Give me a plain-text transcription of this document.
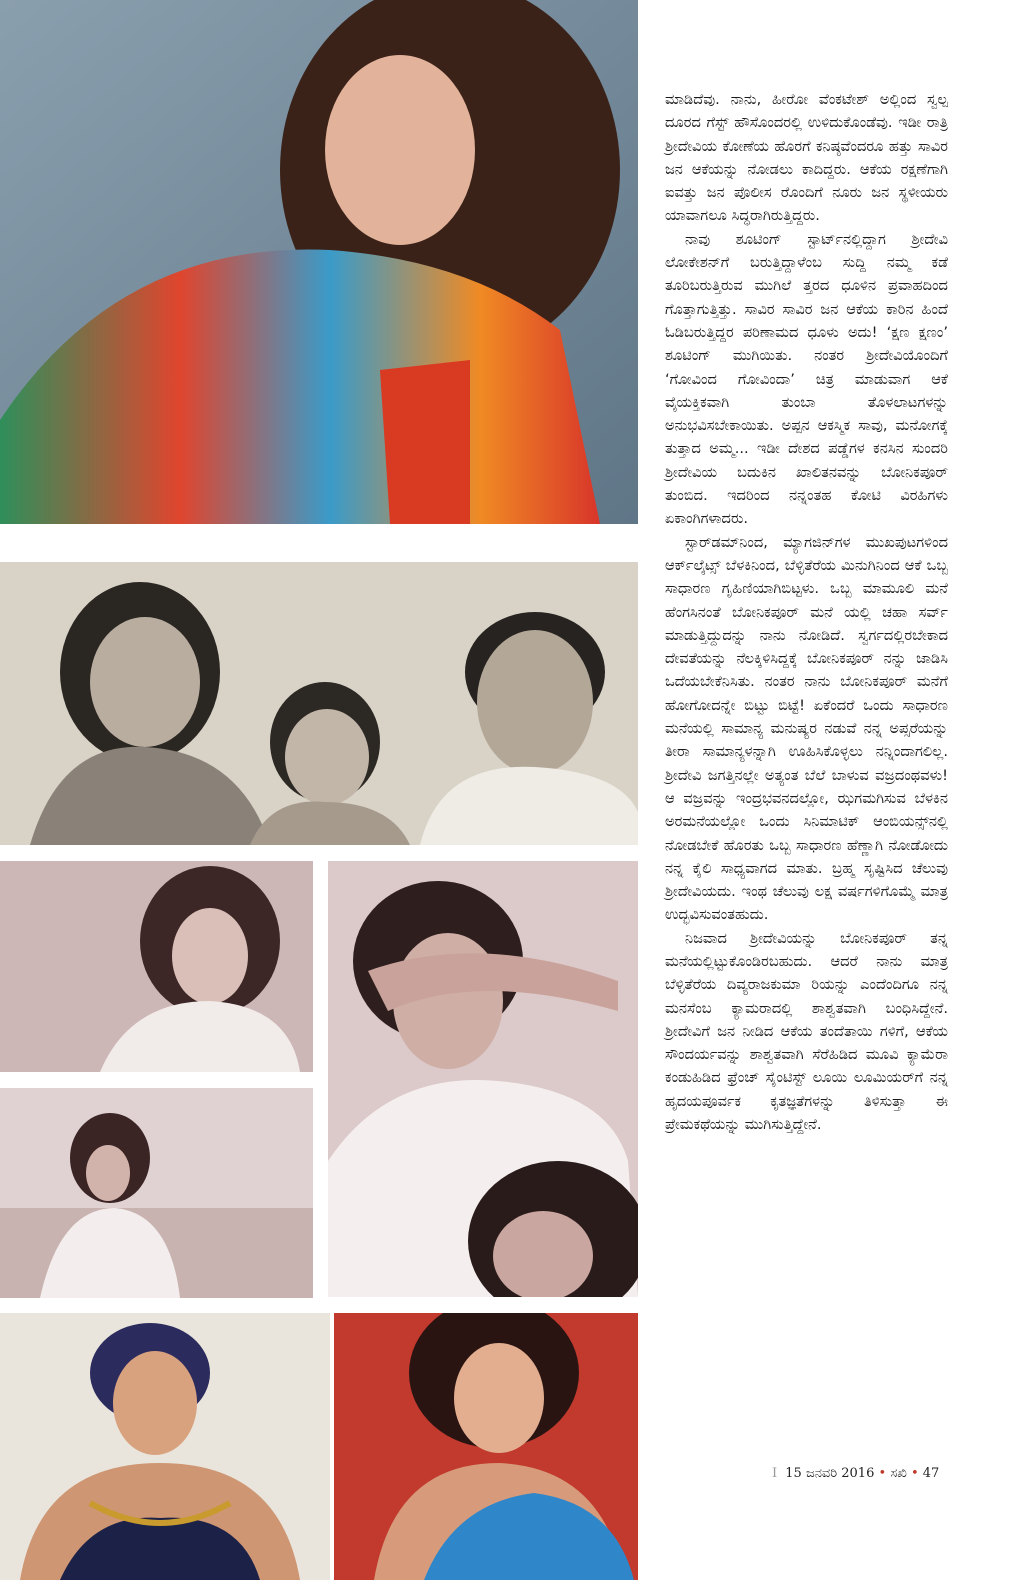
ಮಾಡಿದೆವು. ನಾನು, ಹೀರೋ ವೆಂಕಟೇಶ್ ಅಲ್ಲಿಂದ ಸ್ವಲ್ಪ ದೂರದ ಗೆಸ್ಟ್ ಹೌಸೊಂದರಲ್ಲಿ ಉಳಿದುಕೊಂಡೆವು. ಇಡೀ ರಾತ್ರಿ ಶ್ರೀದೇವಿಯ ಕೋಣೆಯ ಹೊರಗೆ ಕನಿಷ್ಠವೆಂದರೂ ಹತ್ತು ಸಾವಿರ ಜನ ಆಕೆಯನ್ನು ನೋಡಲು ಕಾದಿದ್ದರು. ಆಕೆಯ ರಕ್ಷಣೆಗಾಗಿ ಐವತ್ತು ಜನ ಪೊಲೀಸ ರೊಂದಿಗೆ ನೂರು ಜನ ಸ್ಥಳೀಯರು ಯಾವಾಗಲೂ ಸಿದ್ಧರಾಗಿರುತ್ತಿದ್ದರು.

ನಾವು ಶೂಟಿಂಗ್ ಸ್ಟಾರ್ಟ್‌ನಲ್ಲಿದ್ದಾಗ ಶ್ರೀದೇವಿ ಲೋಕೇಶನ್‌ಗೆ ಬರುತ್ತಿದ್ದಾಳೆಂಬ ಸುದ್ದಿ ನಮ್ಮ ಕಡೆ ತೂರಿಬರುತ್ತಿರುವ ಮುಗಿಲೆ ತ್ತರದ ಧೂಳಿನ ಪ್ರವಾಹದಿಂದ ಗೊತ್ತಾಗುತ್ತಿತ್ತು. ಸಾವಿರ ಸಾವಿರ ಜನ ಆಕೆಯ ಕಾರಿನ ಹಿಂದೆ ಓಡಿಬರುತ್ತಿದ್ದರ ಪರಿಣಾಮದ ಧೂಳು ಅದು! ‘ಕ್ಷಣ ಕ್ಷಣಂ’ ಶೂಟಿಂಗ್ ಮುಗಿಯಿತು. ನಂತರ ಶ್ರೀದೇವಿಯೊಂದಿಗೆ ‘ಗೋವಿಂದ ಗೋವಿಂದಾ’ ಚಿತ್ರ ಮಾಡುವಾಗ ಆಕೆ ವೈಯಕ್ತಿಕವಾಗಿ ತುಂಬಾ ತೊಳಲಾಟಗಳನ್ನು ಅನುಭವಿಸಬೇಕಾಯಿತು. ಅಪ್ಪನ ಆಕಸ್ಮಿಕ ಸಾವು, ಮನೋಗಕ್ಕೆ ತುತ್ತಾದ ಅಮ್ಮ... ಇಡೀ ದೇಶದ ಪಡ್ಡೆಗಳ ಕನಸಿನ ಸುಂದರಿ ಶ್ರೀದೇವಿಯ ಬದುಕಿನ ಖಾಲಿತನವನ್ನು ಬೋನಿಕಪೂರ್ ತುಂಬಿದ. ಇದರಿಂದ ನನ್ನಂತಹ ಕೋಟಿ ವಿರಹಿಗಳು ಏಕಾಂಗಿಗಳಾದರು.

ಸ್ಟಾರ್‌ಡಮ್‌ನಿಂದ, ಮ್ಯಾಗಜಿನ್‌ಗಳ ಮುಖಪುಟಗಳಿಂದ ಆರ್ಕ್‌ಲೈಟ್ಸ್ ಬೆಳಕಿನಿಂದ, ಬೆಳ್ಳಿತೆರೆಯ ಮಿನುಗಿನಿಂದ ಆಕೆ ಒಬ್ಬ ಸಾಧಾರಣ ಗೃಹಿಣಿಯಾಗಿಬಿಟ್ಟಳು. ಒಬ್ಬ ಮಾಮೂಲಿ ಮನೆ ಹೆಂಗಸಿನಂತೆ ಬೋನಿಕಪೂರ್ ಮನೆ ಯಲ್ಲಿ ಚಹಾ ಸರ್ವ್ ಮಾಡುತ್ತಿದ್ದುದನ್ನು ನಾನು ನೋಡಿದೆ. ಸ್ವರ್ಗದಲ್ಲಿರಬೇಕಾದ ದೇವತೆಯನ್ನು ನೆಲಕ್ಕಿಳಿಸಿದ್ದಕ್ಕೆ ಬೋನಿಕಪೂರ್ ನನ್ನು ಜಾಡಿಸಿ ಒದೆಯಬೇಕೆನಿಸಿತು. ನಂತರ ನಾನು ಬೋನಿಕಪೂರ್ ಮನೆಗೆ ಹೋಗೋದನ್ನೇ ಬಿಟ್ಟು ಬಿಟ್ಟೆ! ಏಕೆಂದರೆ ಒಂದು ಸಾಧಾರಣ ಮನೆಯಲ್ಲಿ ಸಾಮಾನ್ಯ ಮನುಷ್ಯರ ನಡುವೆ ನನ್ನ ಅಪ್ಸರೆಯನ್ನು ತೀರಾ ಸಾಮಾನ್ಯಳನ್ನಾಗಿ ಊಹಿಸಿಕೊಳ್ಳಲು ನನ್ನಿಂದಾಗಲಿಲ್ಲ. ಶ್ರೀದೇವಿ ಜಗತ್ತಿನಲ್ಲೇ ಅತ್ಯಂತ ಬೆಲೆ ಬಾಳುವ ವಜ್ರದಂಥವಳು! ಆ ವಜ್ರವನ್ನು ಇಂದ್ರಭವನದಲ್ಲೋ, ಝಗಮಗಿಸುವ ಬೆಳಕಿನ ಅರಮನೆಯಲ್ಲೋ ಒಂದು ಸಿನಿಮಾಟಿಕ್ ಆಂಬಿಯನ್ಸ್‌ನಲ್ಲಿ ನೋಡಬೇಕೆ ಹೊರತು ಒಬ್ಬ ಸಾಧಾರಣ ಹೆಣ್ಣಾಗಿ ನೋಡೋದು ನನ್ನ ಕೈಲಿ ಸಾಧ್ಯವಾಗದ ಮಾತು. ಬ್ರಹ್ಮ ಸೃಷ್ಟಿಸಿದ ಚೆಲುವು ಶ್ರೀದೇವಿಯದು. ಇಂಥ ಚೆಲುವು ಲಕ್ಷ ವರ್ಷಗಳಿಗೊಮ್ಮೆ ಮಾತ್ರ ಉದ್ಭವಿಸುವಂತಹುದು.

ನಿಜವಾದ ಶ್ರೀದೇವಿಯನ್ನು ಬೋನಿಕಪೂರ್ ತನ್ನ ಮನೆಯಲ್ಲಿಟ್ಟುಕೊಂಡಿರಬಹುದು. ಆದರೆ ನಾನು ಮಾತ್ರ ಬೆಳ್ಳಿತೆರೆಯ ದಿವ್ಯರಾಜಕುಮಾ ರಿಯನ್ನು ಎಂದೆಂದಿಗೂ ನನ್ನ ಮನಸೆಂಬ ಕ್ಯಾಮರಾದಲ್ಲಿ ಶಾಶ್ವತವಾಗಿ ಬಂಧಿಸಿದ್ದೇನೆ. ಶ್ರೀದೇವಿಗೆ ಜನ ನೀಡಿದ ಆಕೆಯ ತಂದೆತಾಯಿ ಗಳಿಗೆ, ಆಕೆಯ ಸೌಂದರ್ಯವನ್ನು ಶಾಶ್ವತವಾಗಿ ಸೆರೆಹಿಡಿದ ಮೂವಿ ಕ್ಯಾಮೆರಾ ಕಂಡುಹಿಡಿದ ಫ್ರೆಂಚ್ ಸೈಂಟಿಸ್ಟ್ ಲೂಯಿ ಲೂಮಿಯರ್‌ಗೆ ನನ್ನ ಹೃದಯಪೂರ್ವಕ ಕೃತಜ್ಞತೆಗಳನ್ನು ತಿಳಿಸುತ್ತಾ ಈ ಪ್ರೇಮಕಥೆಯನ್ನು ಮುಗಿಸುತ್ತಿದ್ದೇನೆ.

I 15 ಜನವರಿ 2016 • ಸಖಿ • 47
